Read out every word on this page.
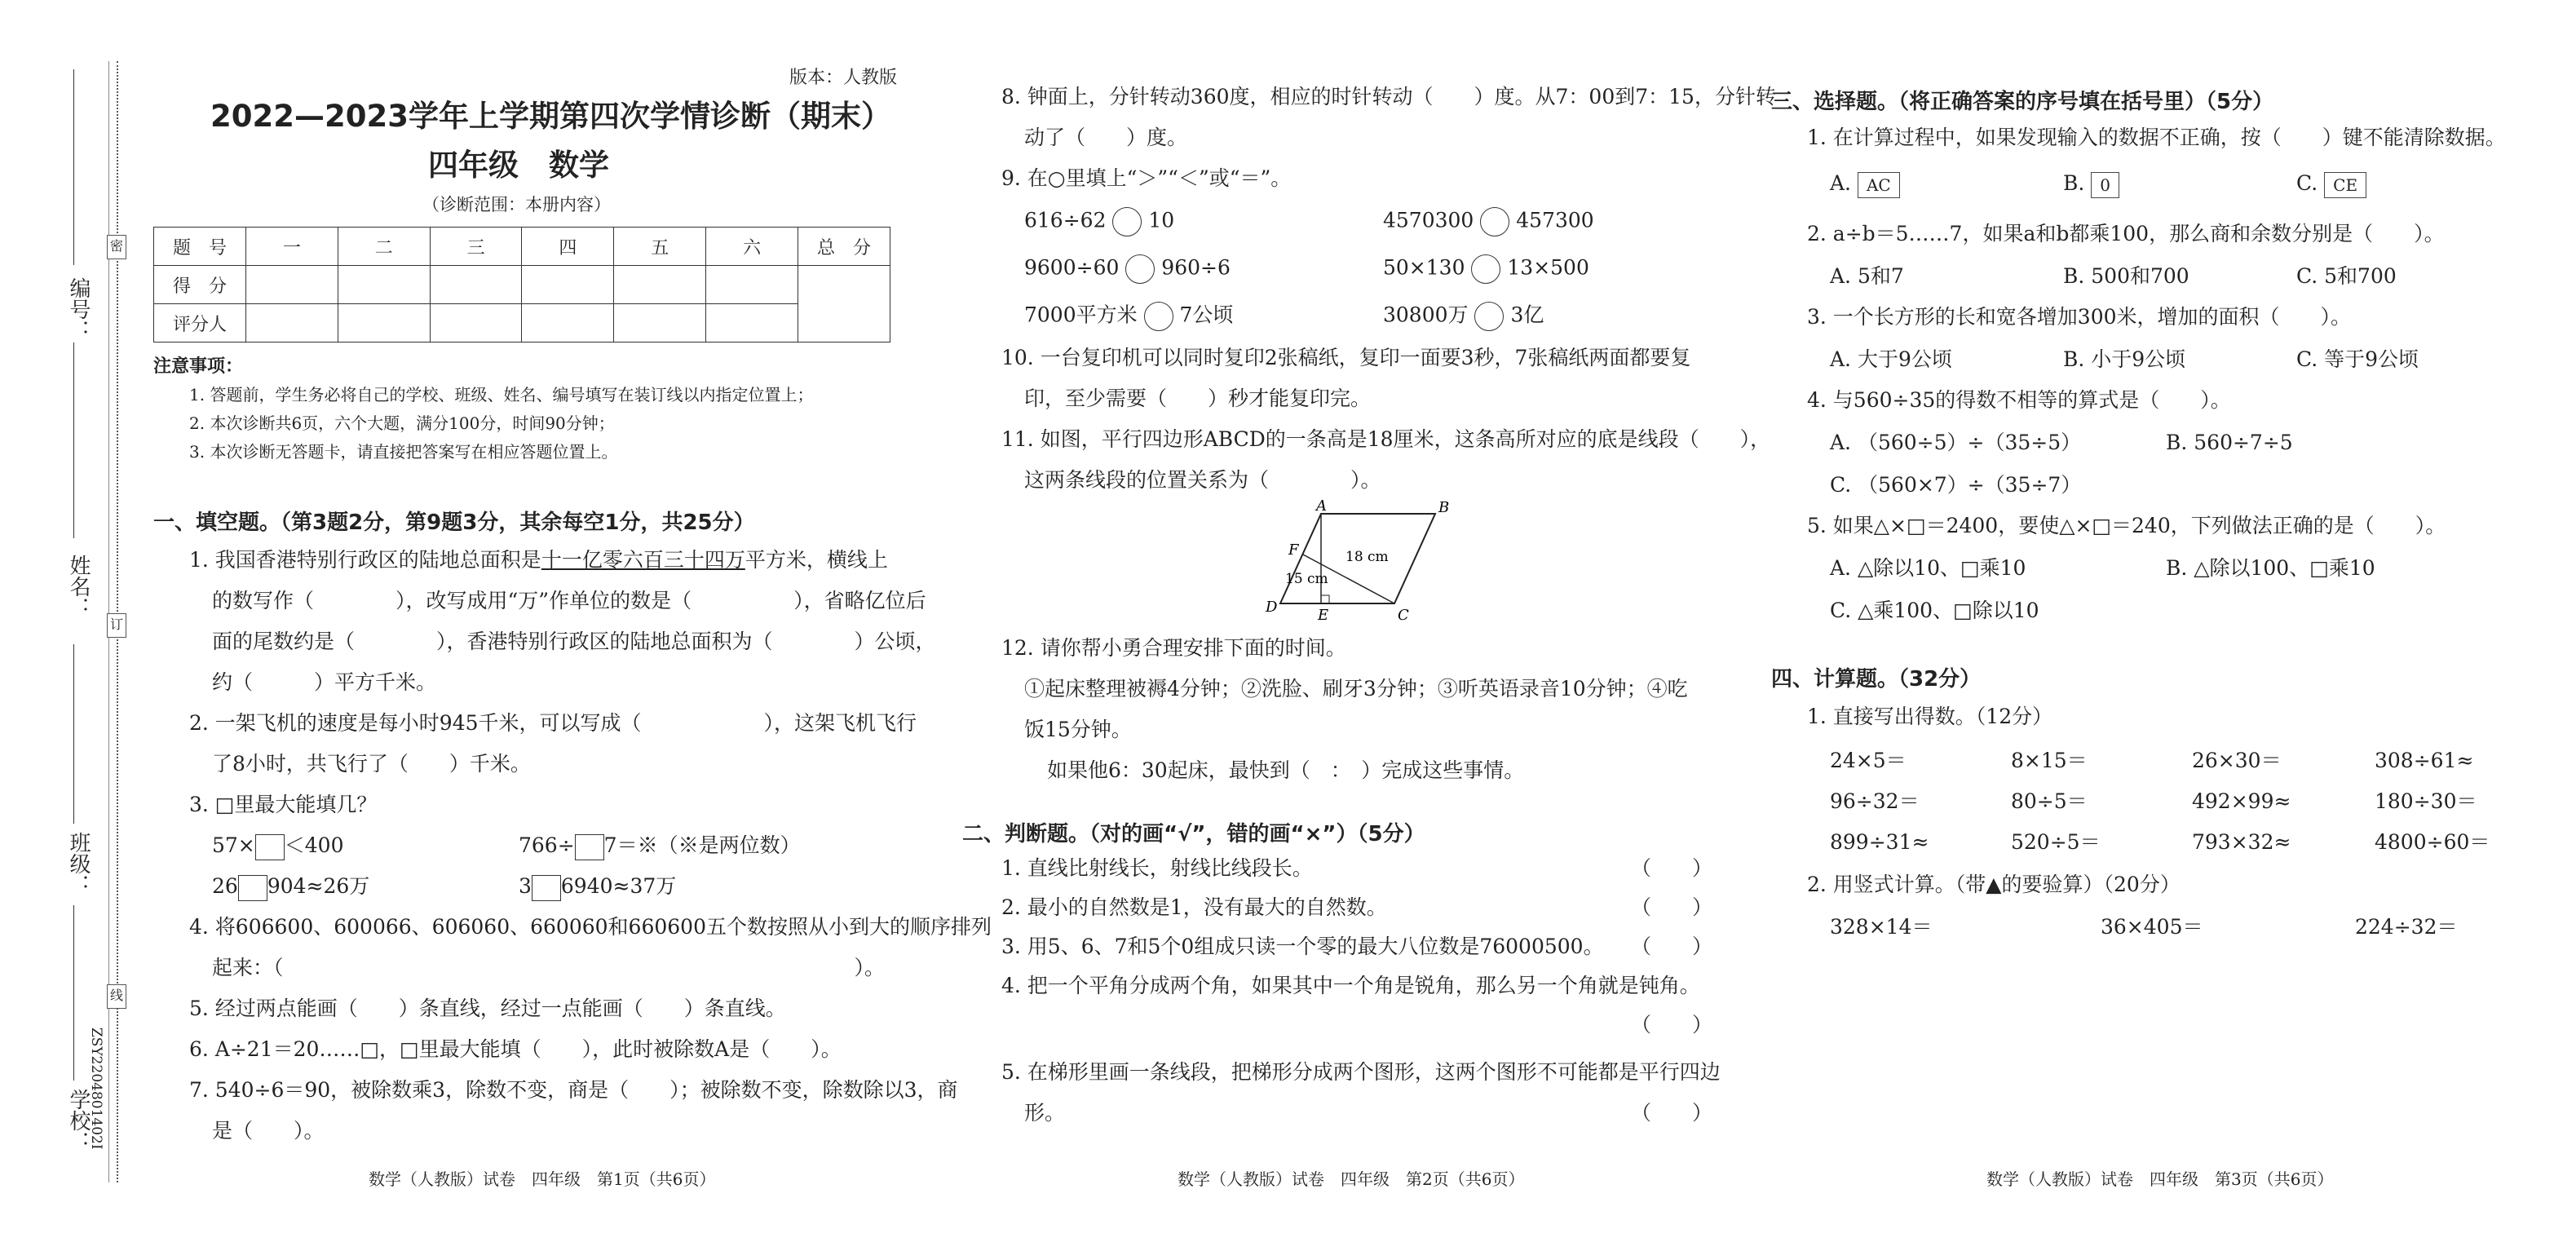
密
订
线
编号：
姓名：
班级：
学校：
ZSY2204801402I
版本：人教版
2022—2023学年上学期第四次学情诊断（期末）
四年级　数学
（诊断范围：本册内容）
题　号	一	二	三	四	五	六	总　分
得　分							
评分人							
注意事项：
1. 答题前，学生务必将自己的学校、班级、姓名、编号填写在装订线以内指定位置上；
2. 本次诊断共6页，六个大题，满分100分，时间90分钟；
3. 本次诊断无答题卡，请直接把答案写在相应答题位置上。
一、填空题。（第3题2分，第9题3分，其余每空1分，共25分）
1. 我国香港特别行政区的陆地总面积是十一亿零六百三十四万平方米，横线上
的数写作（　　　　），改写成用“万”作单位的数是（　　　　　），省略亿位后
面的尾数约是（　　　　），香港特别行政区的陆地总面积为（　　　　）公顷，
约（　　　）平方千米。
2. 一架飞机的速度是每小时945千米，可以写成（　　　　　　），这架飞机飞行
了8小时，共飞行了（　　）千米。
3. □里最大能填几？
57× ＜400	766÷ 7＝※（※是两位数）
26 904≈26万	3 6940≈37万
4. 将606600、600066、606060、660060和660600五个数按照从小到大的顺序排列
起来：（　　　　　　　　　　　　　　　　　　　　　　　　　　　　）。
5. 经过两点能画（　　）条直线，经过一点能画（　　）条直线。
6. A÷21＝20……□，□里最大能填（　　），此时被除数A是（　　）。
7. 540÷6＝90，被除数乘3，除数不变，商是（　　）；被除数不变，除数除以3，商
是（　　）。
数学（人教版）试卷　四年级　第1页（共6页）
8. 钟面上，分针转动360度，相应的时针转动（　　）度。从7：00到7：15，分针转
动了（　　）度。
9. 在○里填上“＞”“＜”或“＝”。
616÷62 10	4570300 457300
9600÷60 960÷6	50×130 13×500
7000平方米 7公顷	30800万 3亿
10. 一台复印机可以同时复印2张稿纸，复印一面要3秒，7张稿纸两面都要复
印，至少需要（　　）秒才能复印完。
11. 如图，平行四边形ABCD的一条高是18厘米，这条高所对应的底是线段（　　），
这两条线段的位置关系为（　　　　）。
A	B
C
D	E
F	18 cm
15 cm
12. 请你帮小勇合理安排下面的时间。
①起床整理被褥4分钟；②洗脸、刷牙3分钟；③听英语录音10分钟；④吃
饭15分钟。
如果他6：30起床，最快到（　：　）完成这些事情。
二、判断题。（对的画“√”，错的画“×”）（5分）
1. 直线比射线长，射线比线段长。	（　　）
2. 最小的自然数是1，没有最大的自然数。	（　　）
3. 用5、6、7和5个0组成只读一个零的最大八位数是76000500。 （　　）
4. 把一个平角分成两个角，如果其中一个角是锐角，那么另一个角就是钝角。
（　　）
5. 在梯形里画一条线段，把梯形分成两个图形，这两个图形不可能都是平行四边
形。	（　　）
数学（人教版）试卷　四年级　第2页（共6页）
三、选择题。（将正确答案的序号填在括号里）（5分）
1. 在计算过程中，如果发现输入的数据不正确，按（　　）键不能清除数据。
A. AC	B. 0	C. CE
2. a÷b＝5……7，如果a和b都乘100，那么商和余数分别是（　　）。
A. 5和7	B. 500和700	C. 5和700
3. 一个长方形的长和宽各增加300米，增加的面积（　　）。
A. 大于9公顷	B. 小于9公顷	C. 等于9公顷
4. 与560÷35的得数不相等的算式是（　　）。
A. （560÷5）÷（35÷5）	B. 560÷7÷5
C. （560×7）÷（35÷7）
5. 如果△×□＝2400，要使△×□＝240，下列做法正确的是（　　）。
A. △除以10、□乘10	B. △除以100、□乘10
C. △乘100、□除以10
四、计算题。（32分）
1. 直接写出得数。（12分）
24×5＝	8×15＝	26×30＝	308÷61≈
96÷32＝	80÷5＝	492×99≈	180÷30＝
899÷31≈	520÷5＝	793×32≈	4800÷60＝
2. 用竖式计算。（带▲的要验算）（20分）
328×14＝	36×405＝	224÷32＝
数学（人教版）试卷　四年级　第3页（共6页）
